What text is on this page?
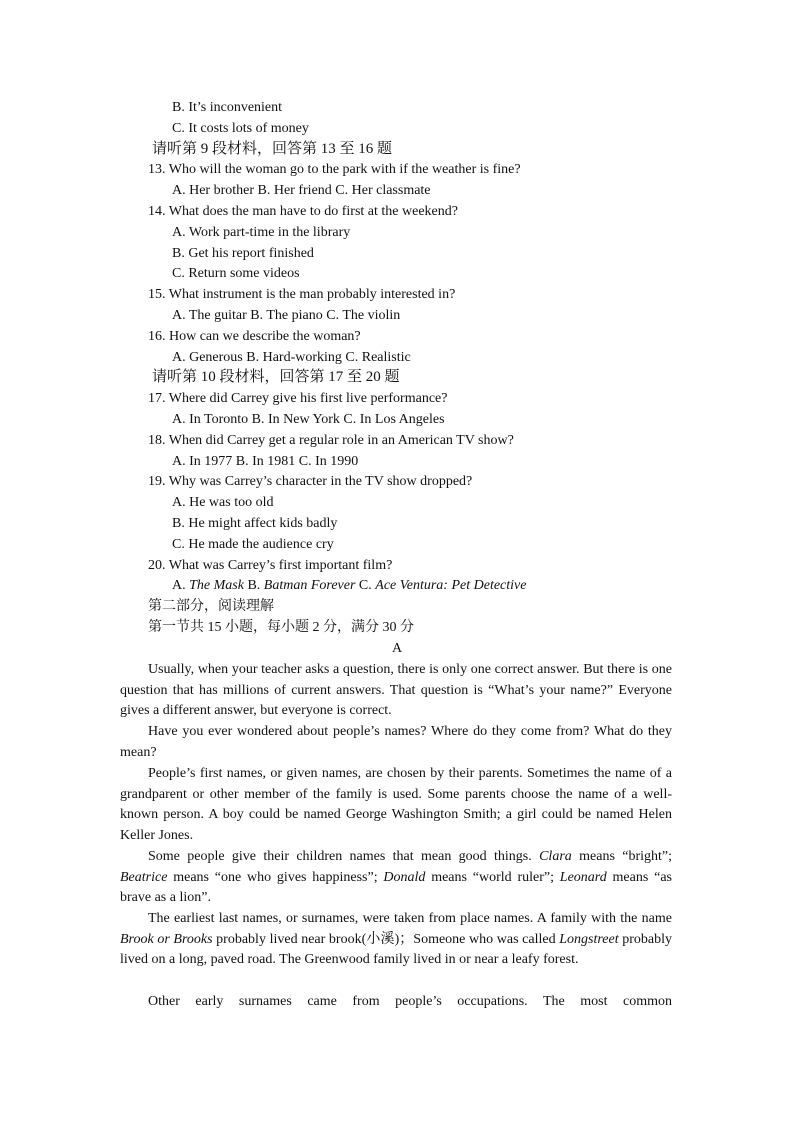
B. It’s inconvenient
C. It costs lots of money
请听第 9 段材料，回答第 13 至 16 题
13. Who will the woman go to the park with if the weather is fine?
A. Her brother B. Her friend C. Her classmate
14. What does the man have to do first at the weekend?
A. Work part-time in the library
B. Get his report finished
C. Return some videos
15. What instrument is the man probably interested in?
A. The guitar B. The piano C. The violin
16. How can we describe the woman?
A. Generous B. Hard-working C. Realistic
请听第 10 段材料，回答第 17 至 20 题
17. Where did Carrey give his first live performance?
A. In Toronto B. In New York C. In Los Angeles
18. When did Carrey get a regular role in an American TV show?
A. In 1977 B. In 1981 C. In 1990
19. Why was Carrey’s character in the TV show dropped?
A. He was too old
B. He might affect kids badly
C. He made the audience cry
20. What was Carrey’s first important film?
A. The Mask B. Batman Forever C. Ace Ventura: Pet Detective
第二部分，阅读理解
第一节共 15 小题，每小题 2 分，满分 30 分
A
Usually, when your teacher asks a question, there is only one correct answer. But there is one question that has millions of current answers. That question is “What’s your name?” Everyone gives a different answer, but everyone is correct.
Have you ever wondered about people’s names? Where do they come from? What do they mean?
People’s first names, or given names, are chosen by their parents. Sometimes the name of a grandparent or other member of the family is used. Some parents choose the name of a well-known person. A boy could be named George Washington Smith; a girl could be named Helen Keller Jones.
Some people give their children names that mean good things. Clara means “bright”; Beatrice means “one who gives happiness”; Donald means “world ruler”; Leonard means “as brave as a lion”.
The earliest last names, or surnames, were taken from place names. A family with the name Brook or Brooks probably lived near brook(小溪)；Someone who was called Longstreet probably lived on a long, paved road. The Greenwood family lived in or near a leafy forest.
Other early surnames came from people’s occupations. The most common
